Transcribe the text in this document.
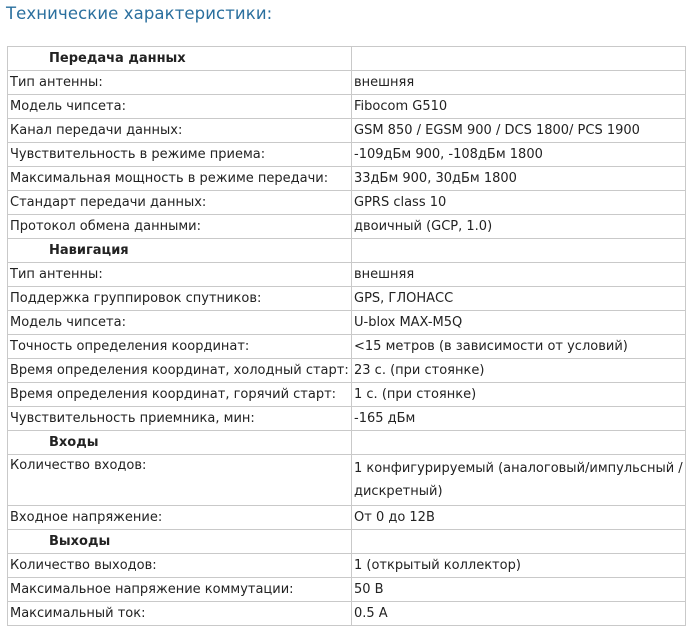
Технические характеристики:
Передача данных	
Тип антенны:	внешняя
Модель чипсета:	Fibocom G510
Канал передачи данных:	GSM 850 / EGSM 900 / DCS 1800/ PCS 1900
Чувствительность в режиме приема:	-109дБм 900, -108дБм 1800
Максимальная мощность в режиме передачи:	33дБм 900, 30дБм 1800
Стандарт передачи данных:	GPRS class 10
Протокол обмена данными:	двоичный (GCP, 1.0)
Навигация	
Тип антенны:	внешняя
Поддержка группировок спутников:	GPS, ГЛОНАСС
Модель чипсета:	U-blox MAX-M5Q
Точность определения координат:	<15 метров (в зависимости от условий)
Время определения координат, холодный старт:	23 с. (при стоянке)
Время определения координат, горячий старт:	1 с. (при стоянке)
Чувствительность приемника, мин:	-165 дБм
Входы	
Количество входов:	1 конфигурируемый (аналоговый/импульсный /дискретный)
Входное напряжение:	От 0 до 12В
Выходы	
Количество выходов:	1 (открытый коллектор)
Максимальное напряжение коммутации:	50 В
Максимальный ток:	0.5 А
